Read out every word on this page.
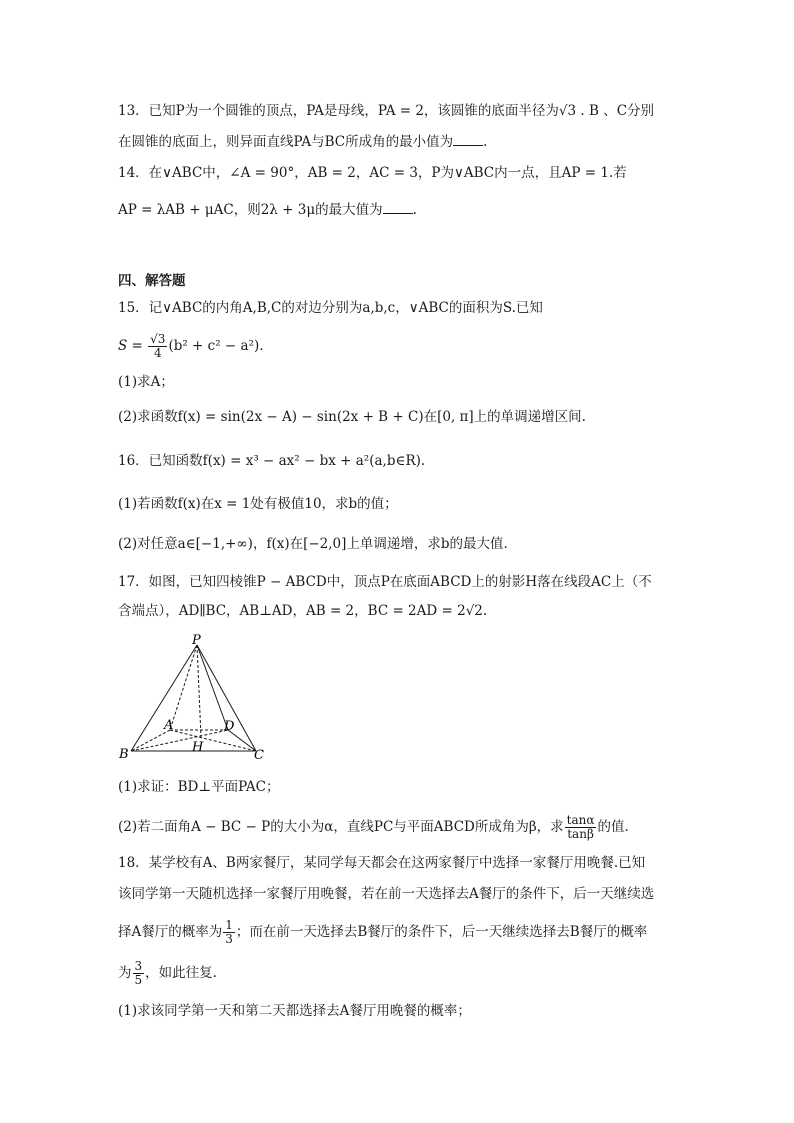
13．已知P为一个圆锥的顶点，PA是母线，PA = 2，该圆锥的底面半径为√3 . B 、C分别
在圆锥的底面上，则异面直线PA与BC所成角的最小值为 .
14．在∨ABC中，∠A = 90°，AB = 2，AC = 3，P为∨ABC内一点，且AP = 1.若
AP = λAB + μAC，则2λ + 3μ的最大值为 .
四、解答题
15．记∨ABC的内角A,B,C的对边分别为a,b,c，∨ABC的面积为S.已知
$S = \frac{√3}{4} (b^2 + c^2 - a^2)$.
(1)求A；
(2)求函数f(x) = sin(2x − A) − sin(2x + B + C)在[0, π]上的单调递增区间.
16．已知函数f(x) = x³ − ax² − bx + a²(a,b∈R).
(1)若函数f(x)在x = 1处有极值10，求b的值；
(2)对任意a∈[−1,+∞)，f(x)在[−2,0]上单调递增，求b的最大值.
17．如图，已知四棱锥P − ABCD中，顶点P在底面ABCD上的射影H落在线段AC上（不
含端点），AD∥BC，AB⊥AD，AB = 2，BC = 2AD = 2√2.
P
A	D
H
B	C
(1)求证：BD⊥平面PAC；
(2)若二面角A − BC − P的大小为α，直线PC与平面ABCD所成角为β，求 $\frac{\tan\alpha}{\tan\beta}$ 的值.
18．某学校有A、B两家餐厅，某同学每天都会在这两家餐厅中选择一家餐厅用晚餐.已知
该同学第一天随机选择一家餐厅用晚餐，若在前一天选择去A餐厅的条件下，后一天继续选
择A餐厅的概率为 $\frac{1}{3}$ ；而在前一天选择去B餐厅的条件下，后一天继续选择去B餐厅的概率
为 $\frac{3}{5}$ ，如此往复.
(1)求该同学第一天和第二天都选择去A餐厅用晚餐的概率；
